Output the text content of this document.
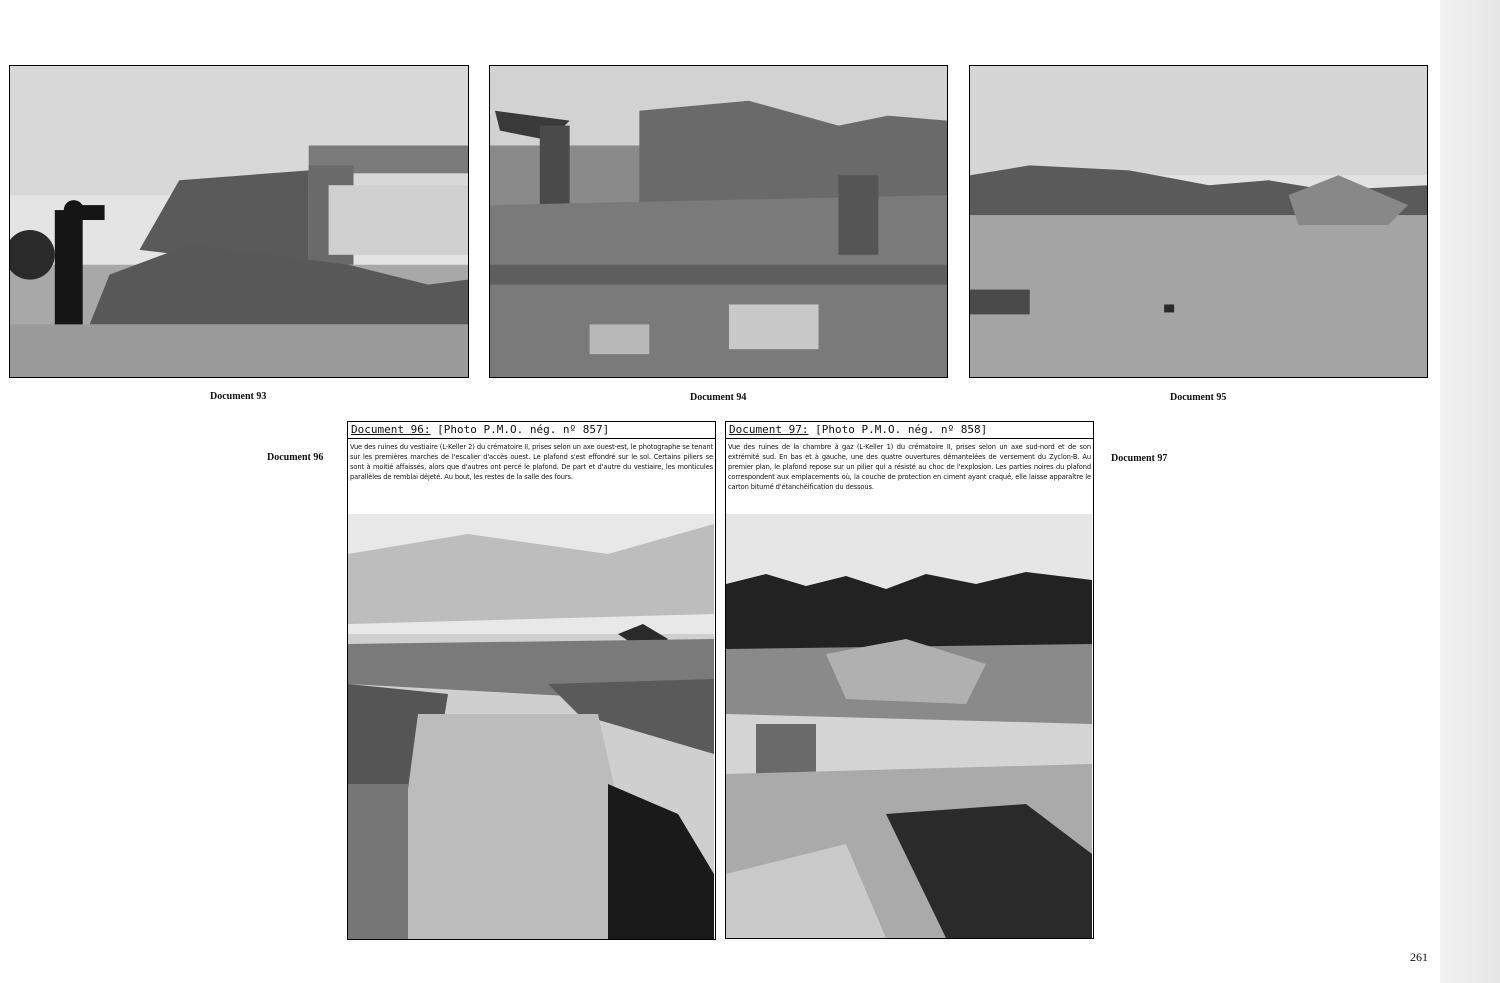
Document 93	Document 94	Document 95
Document 96	Document 97
Document 96: [Photo P.M.O. nég. nº 857]
Vue des ruines du vestiaire (L-Keller 2) du crématoire II, prises selon un axe ouest-est, le photographe se tenant sur les premières marches de l'escalier d'accès ouest. Le plafond s'est effondré sur le sol. Certains piliers se sont à moitié affaissés, alors que d'autres ont percé le plafond. De part et d'autre du vestiaire, les monticules parallèles de remblai déjeté. Au bout, les restes de la salle des fours.
Document 97: [Photo P.M.O. nég. nº 858]
Vue des ruines de la chambre à gaz (L-Keller 1) du crématoire II, prises selon un axe sud-nord et de son extrémité sud. En bas et à gauche, une des quatre ouvertures démantelées de versement du Zyclon-B. Au premier plan, le plafond repose sur un pilier qui a résisté au choc de l'explosion. Les parties noires du plafond correspondent aux emplacements où, la couche de protection en ciment ayant craqué, elle laisse apparaître le carton bitumé d'étanchéification du dessous.
261
